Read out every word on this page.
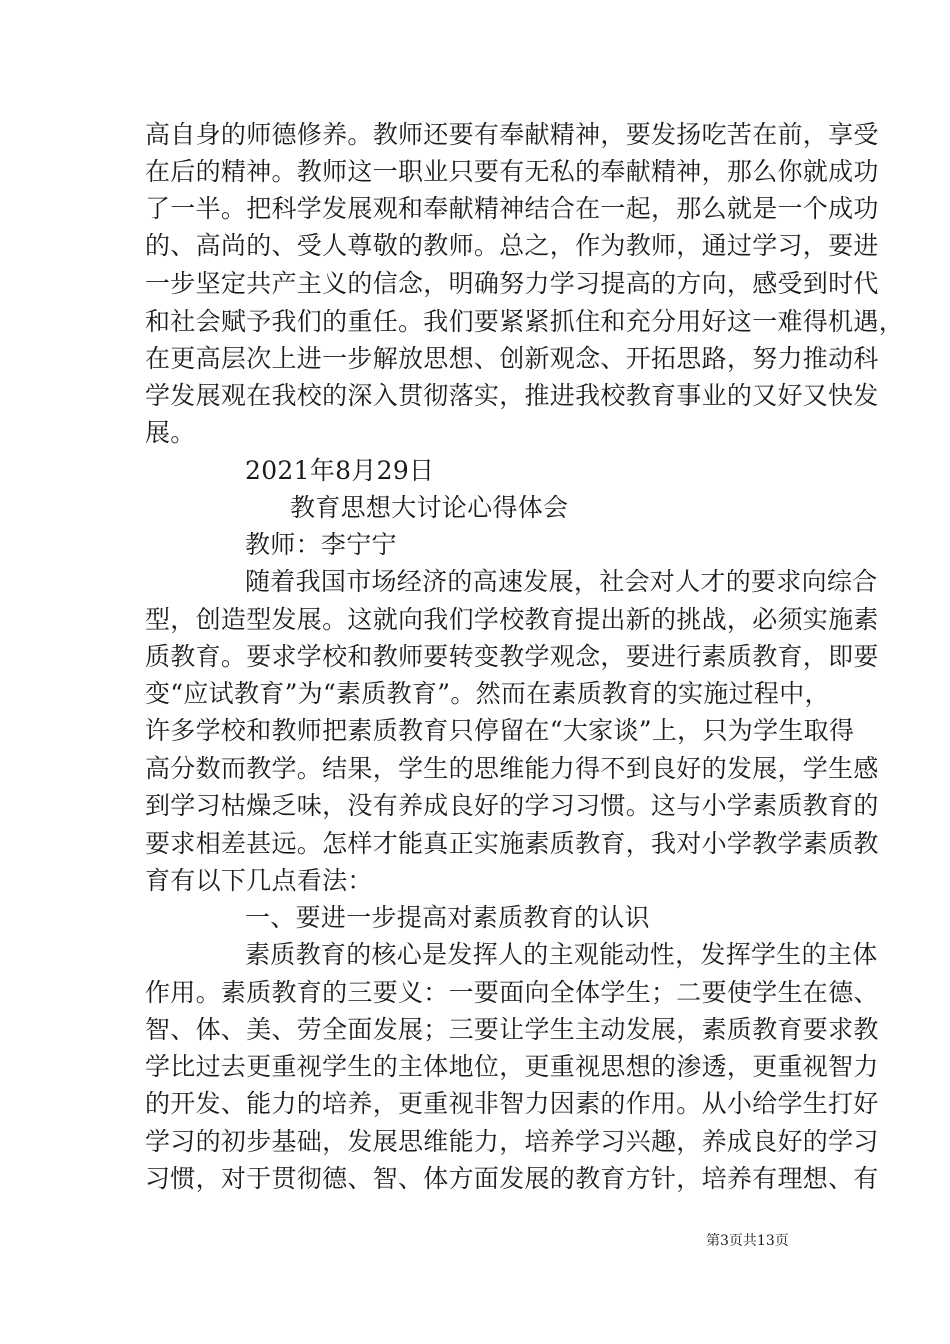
高自身的师德修养。教师还要有奉献精神，要发扬吃苦在前，享受
在后的精神。教师这一职业只要有无私的奉献精神，那么你就成功
了一半。把科学发展观和奉献精神结合在一起，那么就是一个成功
的、高尚的、受人尊敬的教师。总之，作为教师，通过学习，要进
一步坚定共产主义的信念，明确努力学习提高的方向，感受到时代
和社会赋予我们的重任。我们要紧紧抓住和充分用好这一难得机遇，
在更高层次上进一步解放思想、创新观念、开拓思路，努力推动科
学发展观在我校的深入贯彻落实，推进我校教育事业的又好又快发
展。
2021年8月29日
教育思想大讨论心得体会
教师：李宁宁
随着我国市场经济的高速发展，社会对人才的要求向综合
型，创造型发展。这就向我们学校教育提出新的挑战，必须实施素
质教育。要求学校和教师要转变教学观念，要进行素质教育，即要
变“应试教育”为“素质教育”。然而在素质教育的实施过程中，
许多学校和教师把素质教育只停留在“大家谈”上，只为学生取得
高分数而教学。结果，学生的思维能力得不到良好的发展，学生感
到学习枯燥乏味，没有养成良好的学习习惯。这与小学素质教育的
要求相差甚远。怎样才能真正实施素质教育，我对小学教学素质教
育有以下几点看法：
一、要进一步提高对素质教育的认识
素质教育的核心是发挥人的主观能动性，发挥学生的主体
作用。素质教育的三要义：一要面向全体学生；二要使学生在德、
智、体、美、劳全面发展；三要让学生主动发展，素质教育要求教
学比过去更重视学生的主体地位，更重视思想的渗透，更重视智力
的开发、能力的培养，更重视非智力因素的作用。从小给学生打好
学习的初步基础，发展思维能力，培养学习兴趣，养成良好的学习
习惯，对于贯彻德、智、体方面发展的教育方针，培养有理想、有
第3页共13页
